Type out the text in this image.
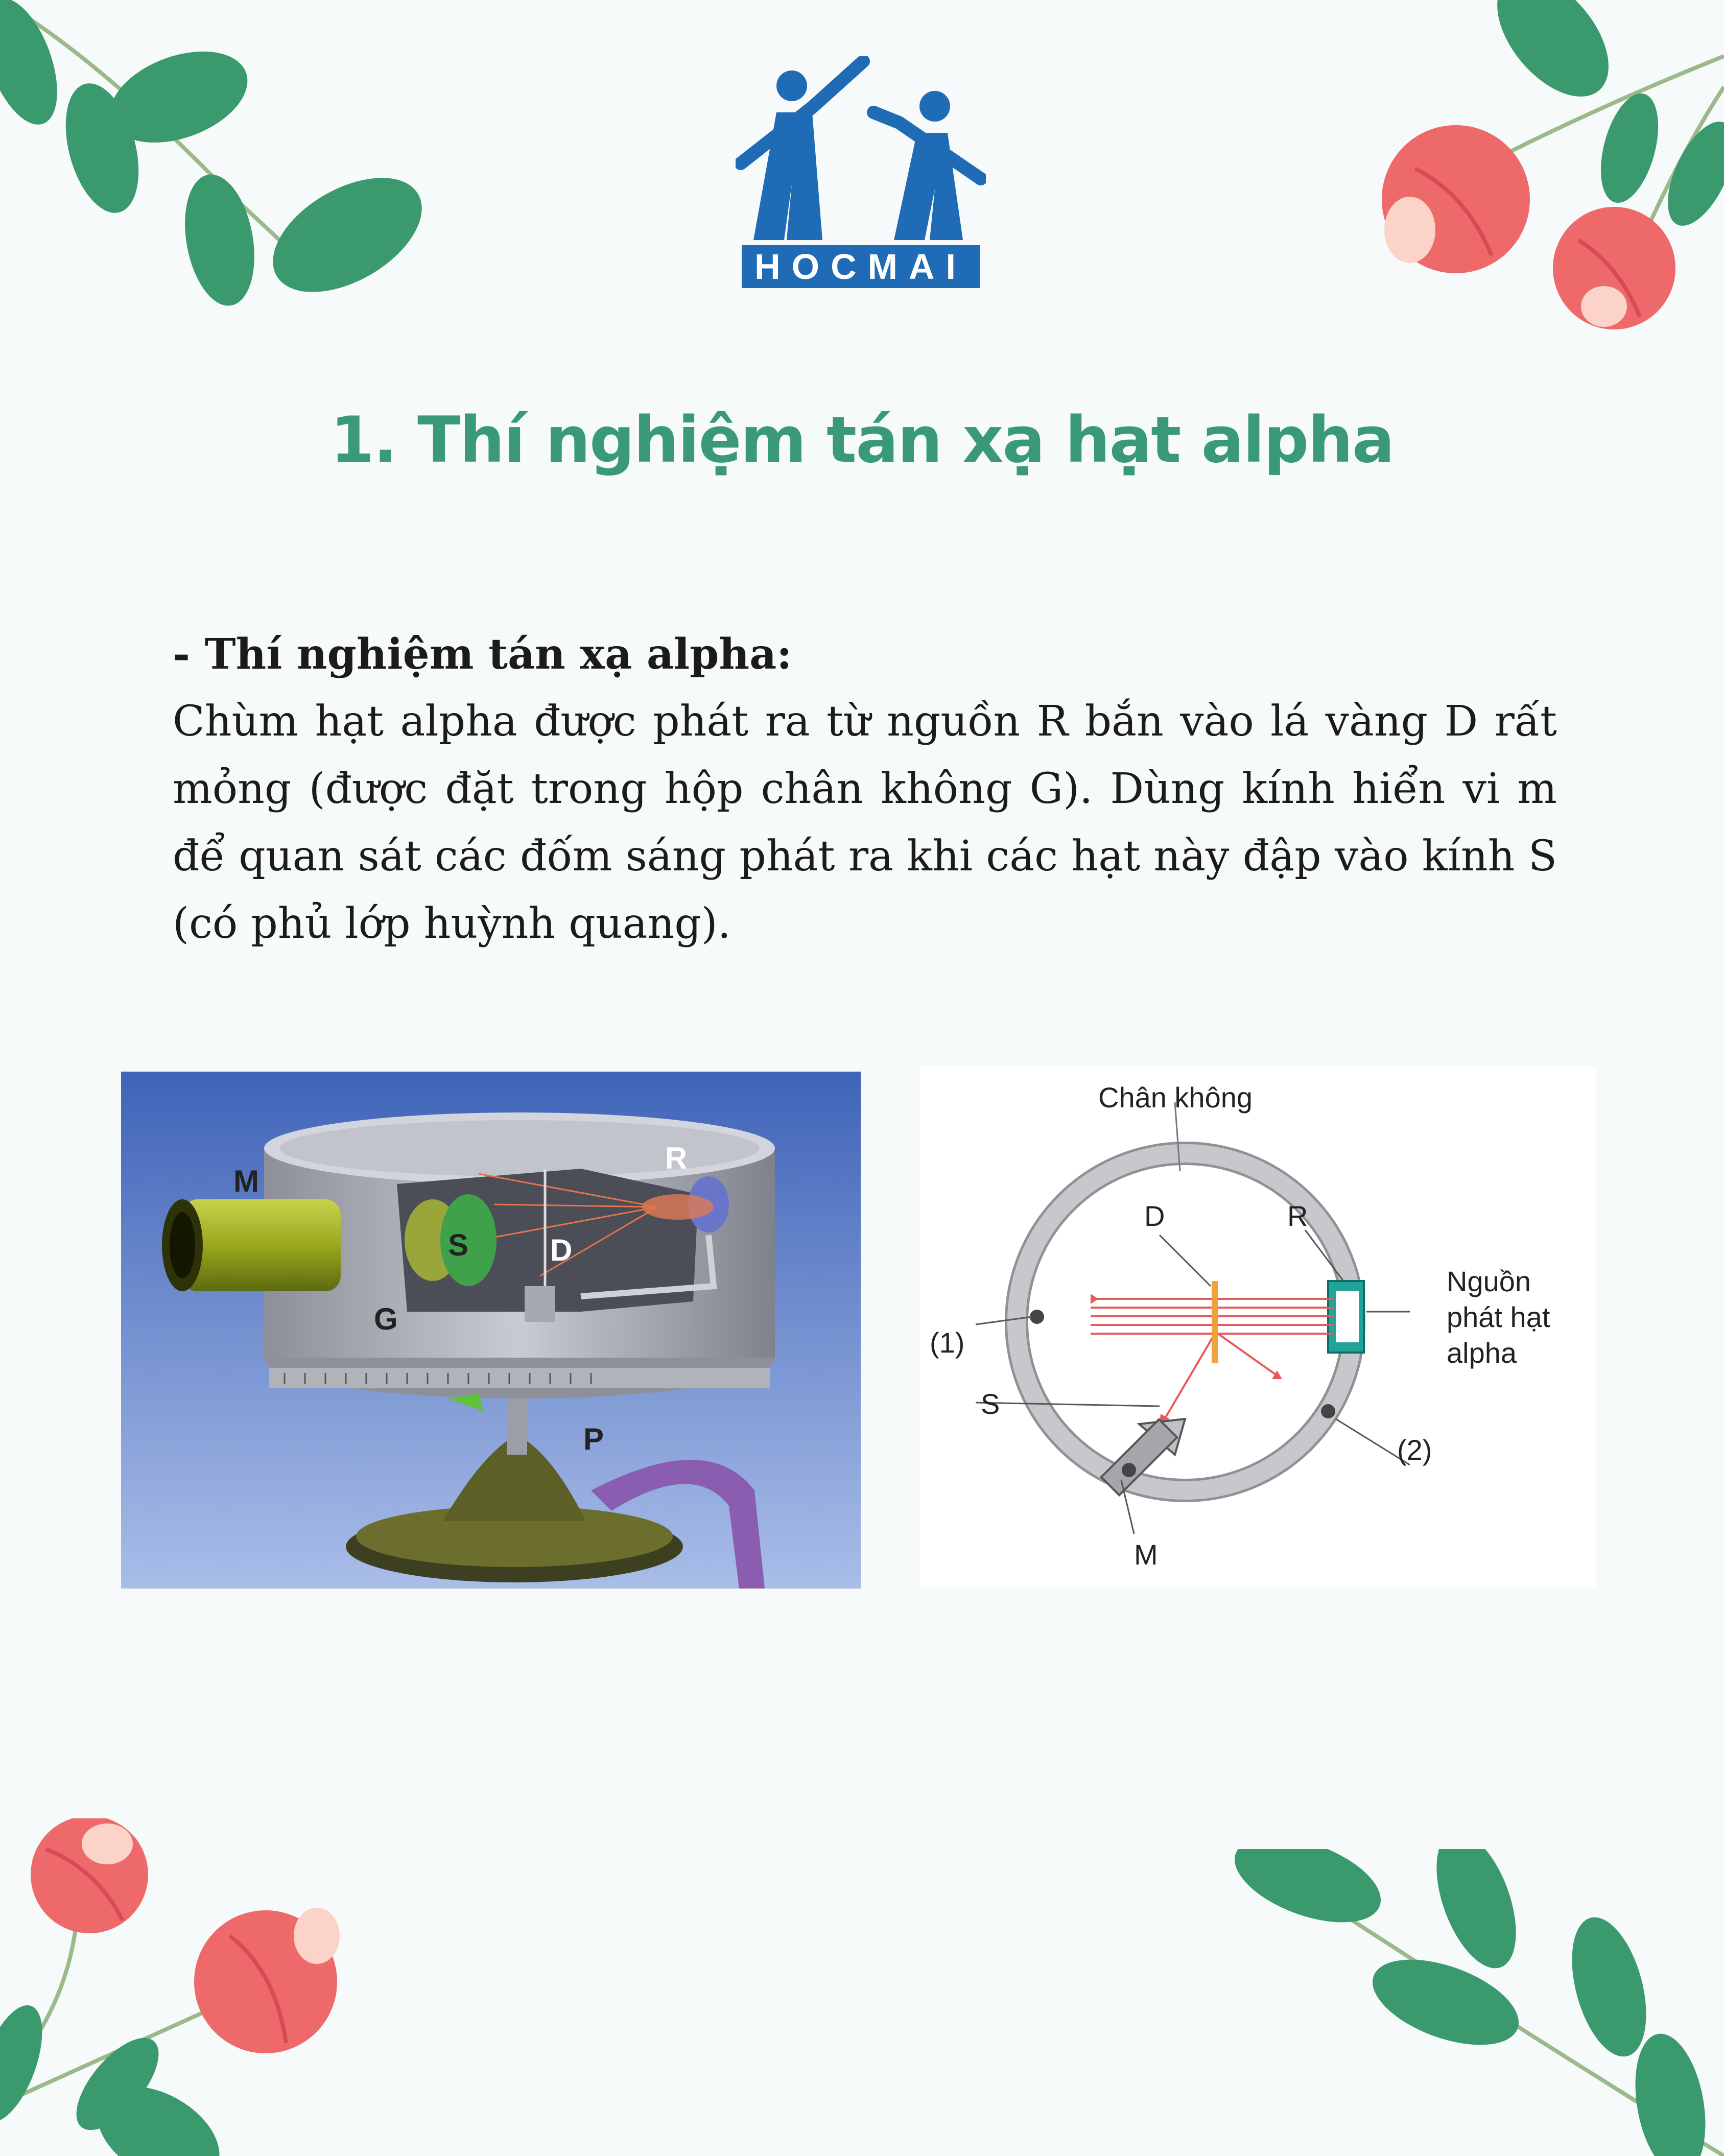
HOCMAI
1. Thí nghiệm tán xạ hạt alpha
- Thí nghiệm tán xạ alpha:
Chùm hạt alpha được phát ra từ nguồn R bắn vào lá vàng D rất mỏng (được đặt trong hộp chân không G). Dùng kính hiển vi m để quan sát các đốm sáng phát ra khi các hạt này đập vào kính S (có phủ lớp huỳnh quang).
M
S	D
R
G
P
Chân không
D	R
Nguồn
phát hạt
alpha
(1)
(2)
S
M
